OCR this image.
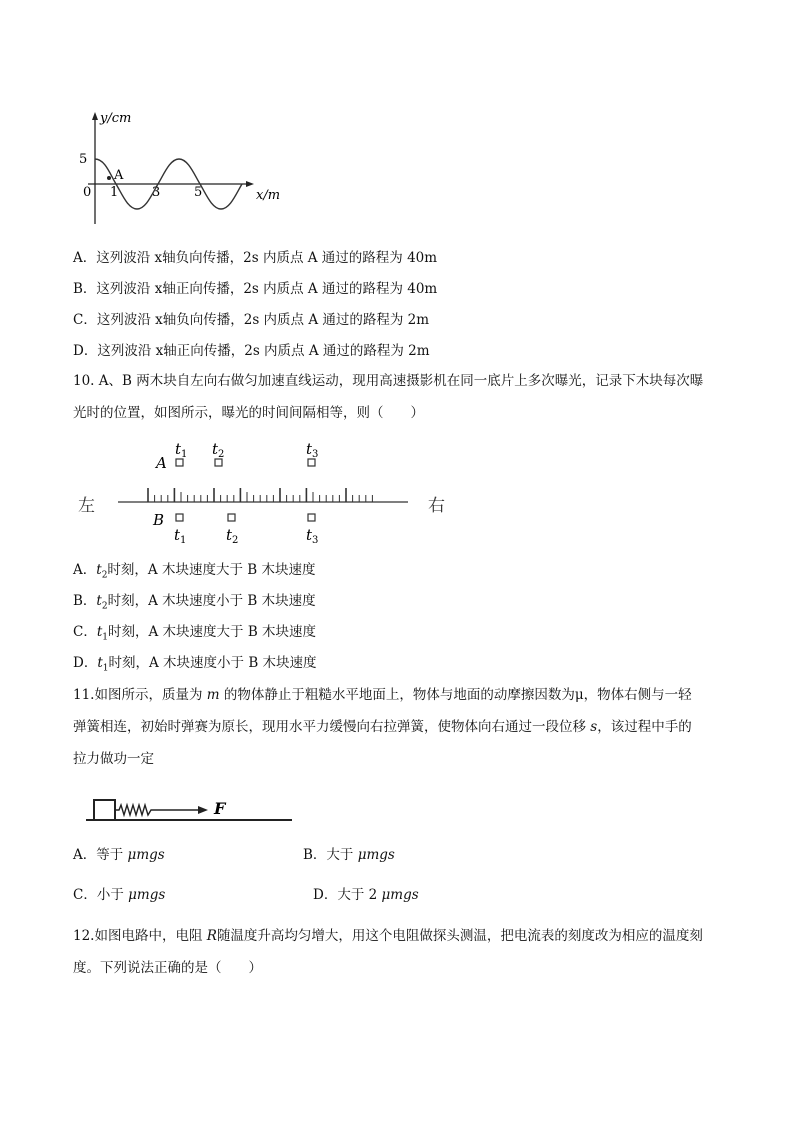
y/cm
5
0
A
1	3	5	x/m
A．这列波沿 x轴负向传播，2s 内质点 A 通过的路程为 40m
B．这列波沿 x轴正向传播，2s 内质点 A 通过的路程为 40m
C．这列波沿 x轴负向传播，2s 内质点 A 通过的路程为 2m
D．这列波沿 x轴正向传播，2s 内质点 A 通过的路程为 2m
10. A、B 两木块自左向右做匀加速直线运动，现用高速摄影机在同一底片上多次曝光，记录下木块每次曝
光时的位置，如图所示，曝光的时间间隔相等，则（　　）
左	右
A
B
$t_1$ $t_2$	$t_3$
$t_1$	$t_2$	$t_3$
A．$t_2$时刻，A 木块速度大于 B 木块速度
B．$t_2$时刻，A 木块速度小于 B 木块速度
C．$t_1$时刻，A 木块速度大于 B 木块速度
D．$t_1$时刻，A 木块速度小于 B 木块速度
11.如图所示，质量为 m 的物体静止于粗糙水平地面上，物体与地面的动摩擦因数为μ，物体右侧与一轻
弹簧相连，初始时弹赛为原长，现用水平力缓慢向右拉弹簧，使物体向右通过一段位移 s，该过程中手的
拉力做功一定
F
A．等于 μmgs	B．大于 μmgs
C．小于 μmgs	D．大于 2 μmgs
12.如图电路中，电阻 R随温度升高均匀增大，用这个电阻做探头测温，把电流表的刻度改为相应的温度刻
度。下列说法正确的是（　　）
